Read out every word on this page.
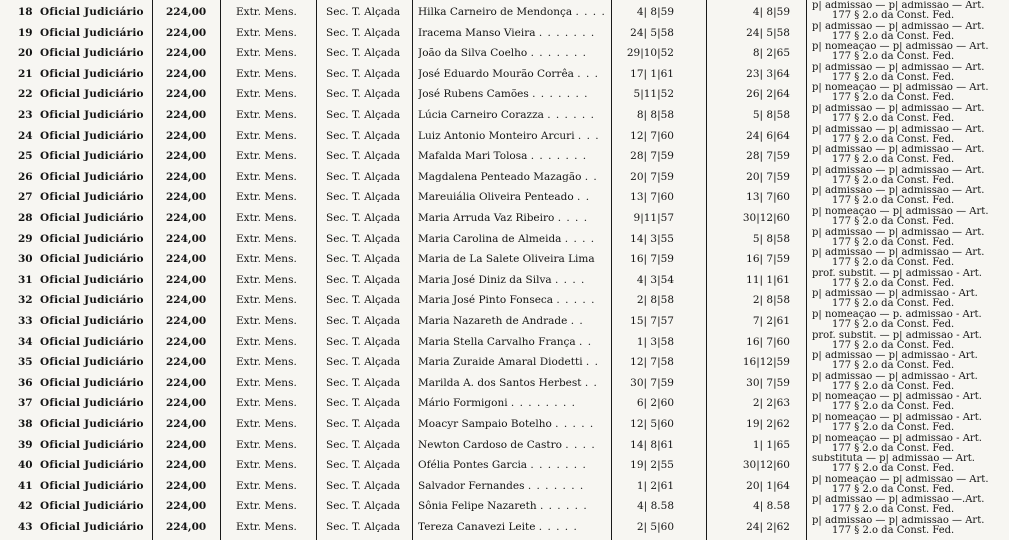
18 Oficial Judiciário	224,00	Extr. Mens.	Sec. T. Alçada	Hilka Carneiro de Mendonça . . . .	4| 8|59	4| 8|59
p| admissão — p| admissão — Art.
177 § 2.o da Const. Fed.
19 Oficial Judiciário	224,00	Extr. Mens.	Sec. T. Alçada	Iracema Manso Vieira . . . . . . .	24| 5|58	24| 5|58
p| admissão — p| admissão — Art.
177 § 2.o da Const. Fed.
20 Oficial Judiciário	224,00	Extr. Mens.	Sec. T. Alçada	João da Silva Coelho . . . . . . .	29|10|52	8| 2|65
p| nomeação — p| admissão — Art.
177 § 2.o da Const. Fed.
21 Oficial Judiciário	224,00	Extr. Mens.	Sec. T. Alçada	José Eduardo Mourão Corrêa . . .	17| 1|61	23| 3|64
p| admissão — p| admissão — Art.
177 § 2.o da Const. Fed.
22 Oficial Judiciário	224,00	Extr. Mens.	Sec. T. Alçada	José Rubens Camões . . . . . . .	5|11|52	26| 2|64
p| nomeação — p| admissão — Art.
177 § 2.o da Const. Fed.
23 Oficial Judiciário	224,00	Extr. Mens.	Sec. T. Alçada	Lúcia Carneiro Corazza . . . . . .	8| 8|58	5| 8|58
p| admissão — p| admissão — Art.
177 § 2.o da Const. Fed.
24 Oficial Judiciário	224,00	Extr. Mens.	Sec. T. Alçada	Luiz Antonio Monteiro Arcuri . . .	12| 7|60	24| 6|64
p| admissão — p| admissão — Art.
177 § 2.o da Const. Fed.
25 Oficial Judiciário	224,00	Extr. Mens.	Sec. T. Alçada	Mafalda Mari Tolosa . . . . . . .	28| 7|59	28| 7|59
p| admissão — p| admissão — Art.
177 § 2.o da Const. Fed.
26 Oficial Judiciário	224,00	Extr. Mens.	Sec. T. Alçada	Magdalena Penteado Mazagão . .	20| 7|59	20| 7|59
p| admissão — p| admissão — Art.
177 § 2.o da Const. Fed.
27 Oficial Judiciário	224,00	Extr. Mens.	Sec. T. Alçada	Mareuiália Oliveira Penteado . .	13| 7|60	13| 7|60
p| admissão — p| admissão — Art.
177 § 2.o da Const. Fed.
28 Oficial Judiciário	224,00	Extr. Mens.	Sec. T. Alçada	Maria Arruda Vaz Ribeiro . . . .	9|11|57	30|12|60
p| nomeação — p| admissão — Art.
177 § 2.o da Const. Fed.
29 Oficial Judiciário	224,00	Extr. Mens.	Sec. T. Alçada	Maria Carolina de Almeida . . . .	14| 3|55	5| 8|58
p| admissão — p| admissão — Art.
177 § 2.o da Const. Fed.
30 Oficial Judiciário	224,00	Extr. Mens.	Sec. T. Alçada	Maria de La Salete Oliveira Lima	16| 7|59	16| 7|59
p| admissão — p| admissão — Art.
177 § 2.o da Const. Fed.
31 Oficial Judiciário	224,00	Extr. Mens.	Sec. T. Alçada	Maria José Diniz da Silva . . . .	4| 3|54	11| 1|61
prof. substit. — p| admissão - Art.
177 § 2.o da Const. Fed.
32 Oficial Judiciário	224,00	Extr. Mens.	Sec. T. Alçada	Maria José Pinto Fonseca . . . . .	2| 8|58	2| 8|58
p| admissão — p| admissão - Art.
177 § 2.o da Const. Fed.
33 Oficial Judiciário	224,00	Extr. Mens.	Sec. T. Alçada	Maria Nazareth de Andrade . .	15| 7|57	7| 2|61
p| nomeação — p. admissão - Art.
177 § 2.o da Const. Fed.
34 Oficial Judiciário	224,00	Extr. Mens.	Sec. T. Alçada	Maria Stella Carvalho França . .	1| 3|58	16| 7|60
prof. substit. — p| admissão - Art.
177 § 2.o da Const. Fed.
35 Oficial Judiciário	224,00	Extr. Mens.	Sec. T. Alçada	Maria Zuraide Amaral Diodetti . .	12| 7|58	16|12|59
p| admissão — p| admissão - Art.
177 § 2.o da Const. Fed.
36 Oficial Judiciário	224,00	Extr. Mens.	Sec. T. Alçada	Marilda A. dos Santos Herbest . .	30| 7|59	30| 7|59
p| admissão — p| admissão - Art.
177 § 2.o da Const. Fed.
37 Oficial Judiciário	224,00	Extr. Mens.	Sec. T. Alçada	Mário Formigoni . . . . . . . .	6| 2|60	2| 2|63
p| nomeação — p| admissão - Art.
177 § 2.o da Const. Fed.
38 Oficial Judiciário	224,00	Extr. Mens.	Sec. T. Alçada	Moacyr Sampaio Botelho . . . . .	12| 5|60	19| 2|62
p| nomeação — p| admissão - Art.
177 § 2.o da Const. Fed.
39 Oficial Judiciário	224,00	Extr. Mens.	Sec. T. Alçada	Newton Cardoso de Castro . . . .	14| 8|61	1| 1|65
p| nomeação — p| admissão - Art.
177 § 2.o da Const. Fed.
40 Oficial Judiciário	224,00	Extr. Mens.	Sec. T. Alçada	Ofélia Pontes Garcia . . . . . . .	19| 2|55	30|12|60
substituta — p| admissão — Art.
177 § 2.o da Const. Fed.
41 Oficial Judiciário	224,00	Extr. Mens.	Sec. T. Alçada	Salvador Fernandes . . . . . . .	1| 2|61	20| 1|64
p| nomeação — p| admissão — Art.
177 § 2.o da Const. Fed.
42 Oficial Judiciário	224,00	Extr. Mens.	Sec. T. Alçada	Sônia Felipe Nazareth . . . . . .	4| 8.58	4| 8.58
p| admissão — p| admissão —.Art.
177 § 2.o da Const. Fed.
43 Oficial Judiciário	224,00	Extr. Mens.	Sec. T. Alçada	Tereza Canavezi Leite . . . . .	2| 5|60	24| 2|62
p| admissão — p| admissão — Art.
177 § 2.o da Const. Fed.
